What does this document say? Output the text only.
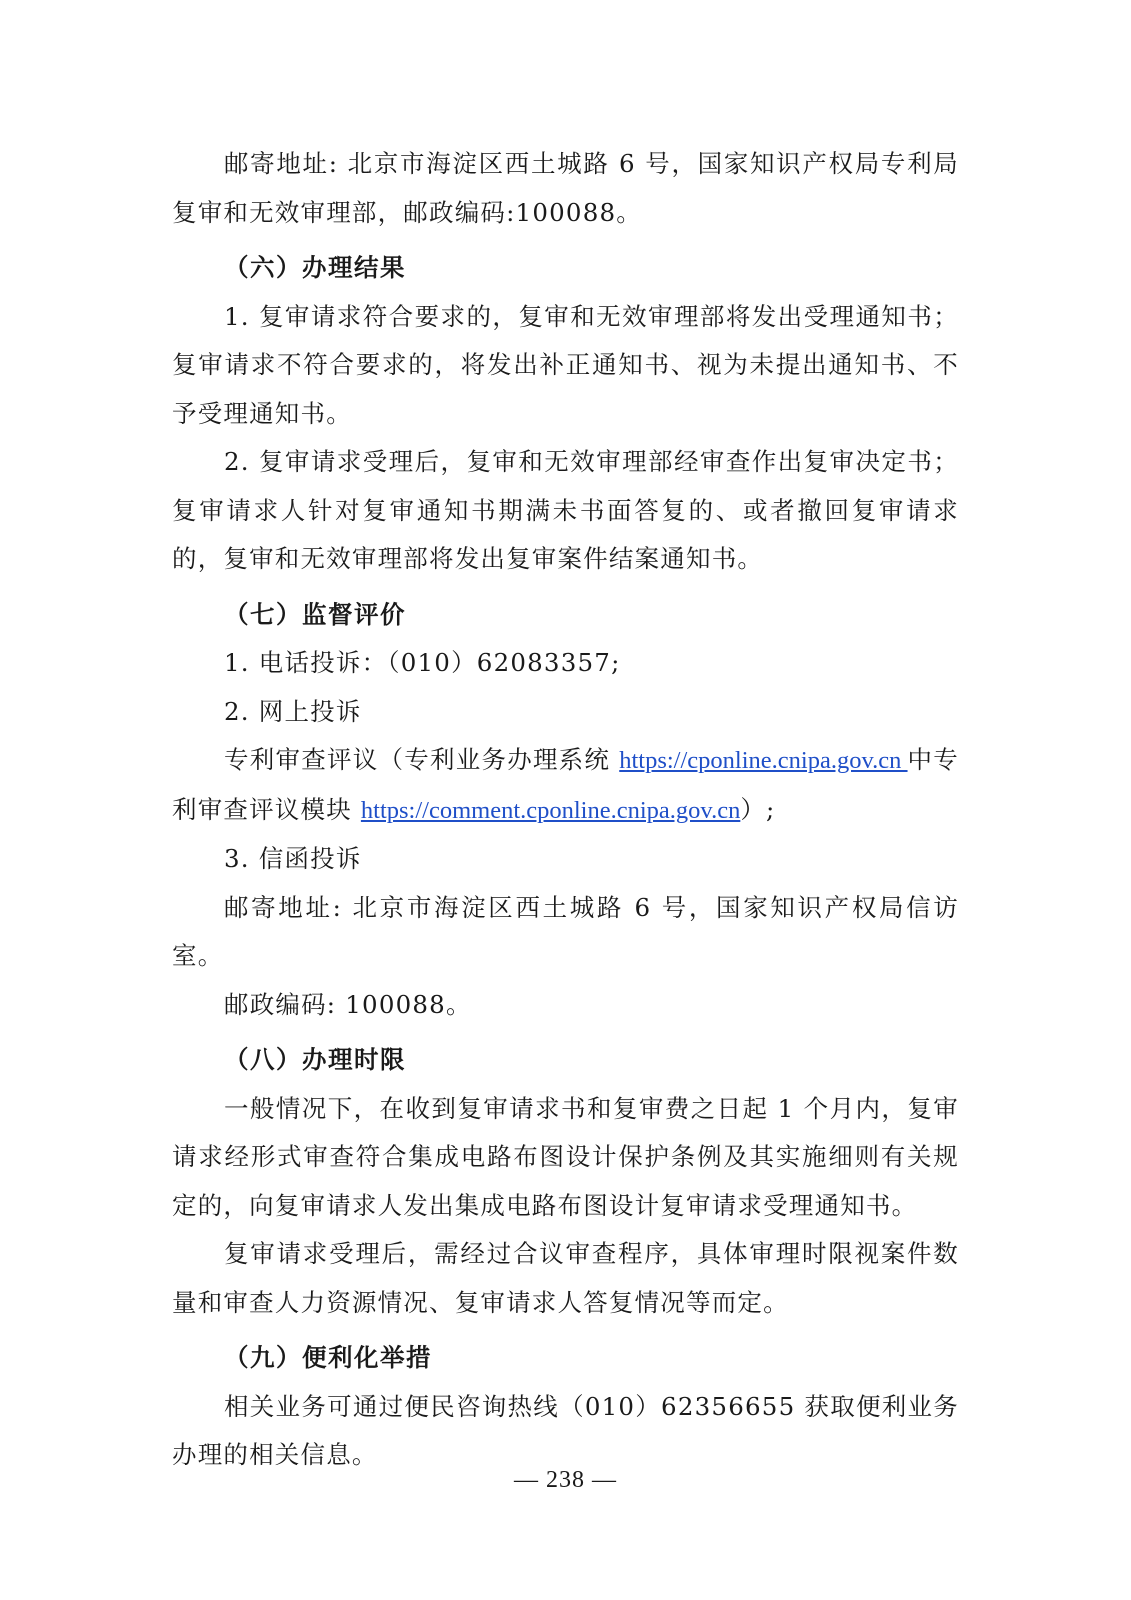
邮寄地址: 北京市海淀区西土城路 6 号，国家知识产权局专利局复审和无效审理部，邮政编码:100088。

（六）办理结果

1. 复审请求符合要求的，复审和无效审理部将发出受理通知书；复审请求不符合要求的，将发出补正通知书、视为未提出通知书、不予受理通知书。

2. 复审请求受理后，复审和无效审理部经审查作出复审决定书；复审请求人针对复审通知书期满未书面答复的、或者撤回复审请求的，复审和无效审理部将发出复审案件结案通知书。

（七）监督评价

1. 电话投诉：（010）62083357;

2. 网上投诉

专利审查评议（专利业务办理系统 https://cponline.cnipa.gov.cn 中专利审查评议模块 https://comment.cponline.cnipa.gov.cn）;

3. 信函投诉

邮寄地址: 北京市海淀区西土城路 6 号，国家知识产权局信访室。

邮政编码: 100088。

（八）办理时限

一般情况下，在收到复审请求书和复审费之日起 1 个月内，复审请求经形式审查符合集成电路布图设计保护条例及其实施细则有关规定的，向复审请求人发出集成电路布图设计复审请求受理通知书。

复审请求受理后，需经过合议审查程序，具体审理时限视案件数量和审查人力资源情况、复审请求人答复情况等而定。

（九）便利化举措

相关业务可通过便民咨询热线（010）62356655 获取便利业务办理的相关信息。

— 238 —
